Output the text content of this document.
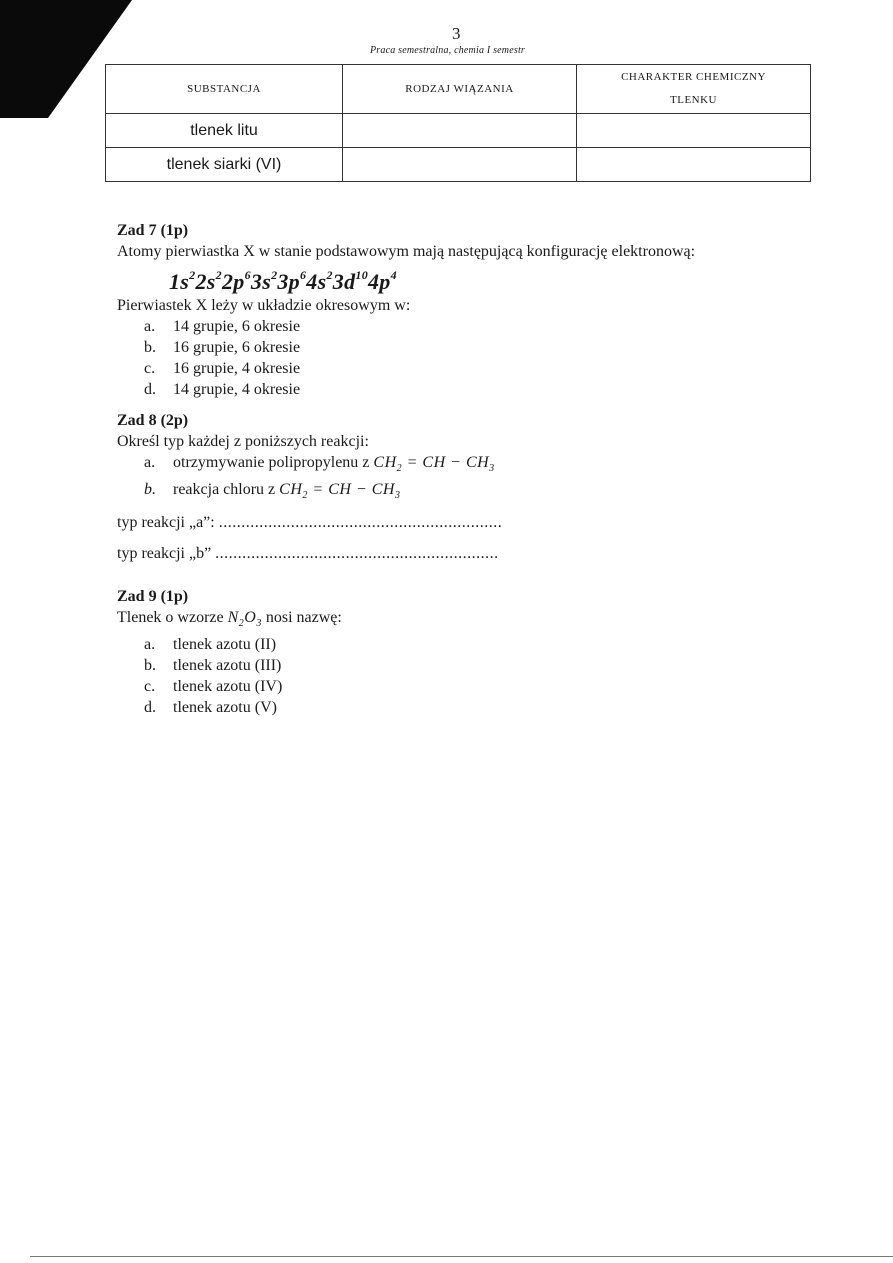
3
Praca semestralna, chemia I semestr
SUBSTANCJA	RODZAJ WIĄZANIA	CHARAKTER CHEMICZNY
TLENKU

tlenek litu		
tlenek siarki (VI)		
Zad 7 (1p)
Atomy pierwiastka X w stanie podstawowym mają następującą konfigurację elektronową:
$1s^22s^22p^63s^23p^64s^23d^{10}4p^4$
Pierwiastek X leży w układzie okresowym w:
a.	14 grupie, 6 okresie
b.	16 grupie, 6 okresie
c.	16 grupie, 4 okresie
d.	14 grupie, 4 okresie
Zad 8 (2p)
Określ typ każdej z poniższych reakcji:
a.	otrzymywanie polipropylenu z $CH_2$ = CH − $CH_3$
b.	reakcja chloru z $CH_2$ = CH − $CH_3$
typ reakcji „a”: ...............................................................
typ reakcji „b” ...............................................................
Zad 9 (1p)
Tlenek o wzorze $N_2O_3$ nosi nazwę:
a.	tlenek azotu (II)
b.	tlenek azotu (III)
c.	tlenek azotu (IV)
d.	tlenek azotu (V)
